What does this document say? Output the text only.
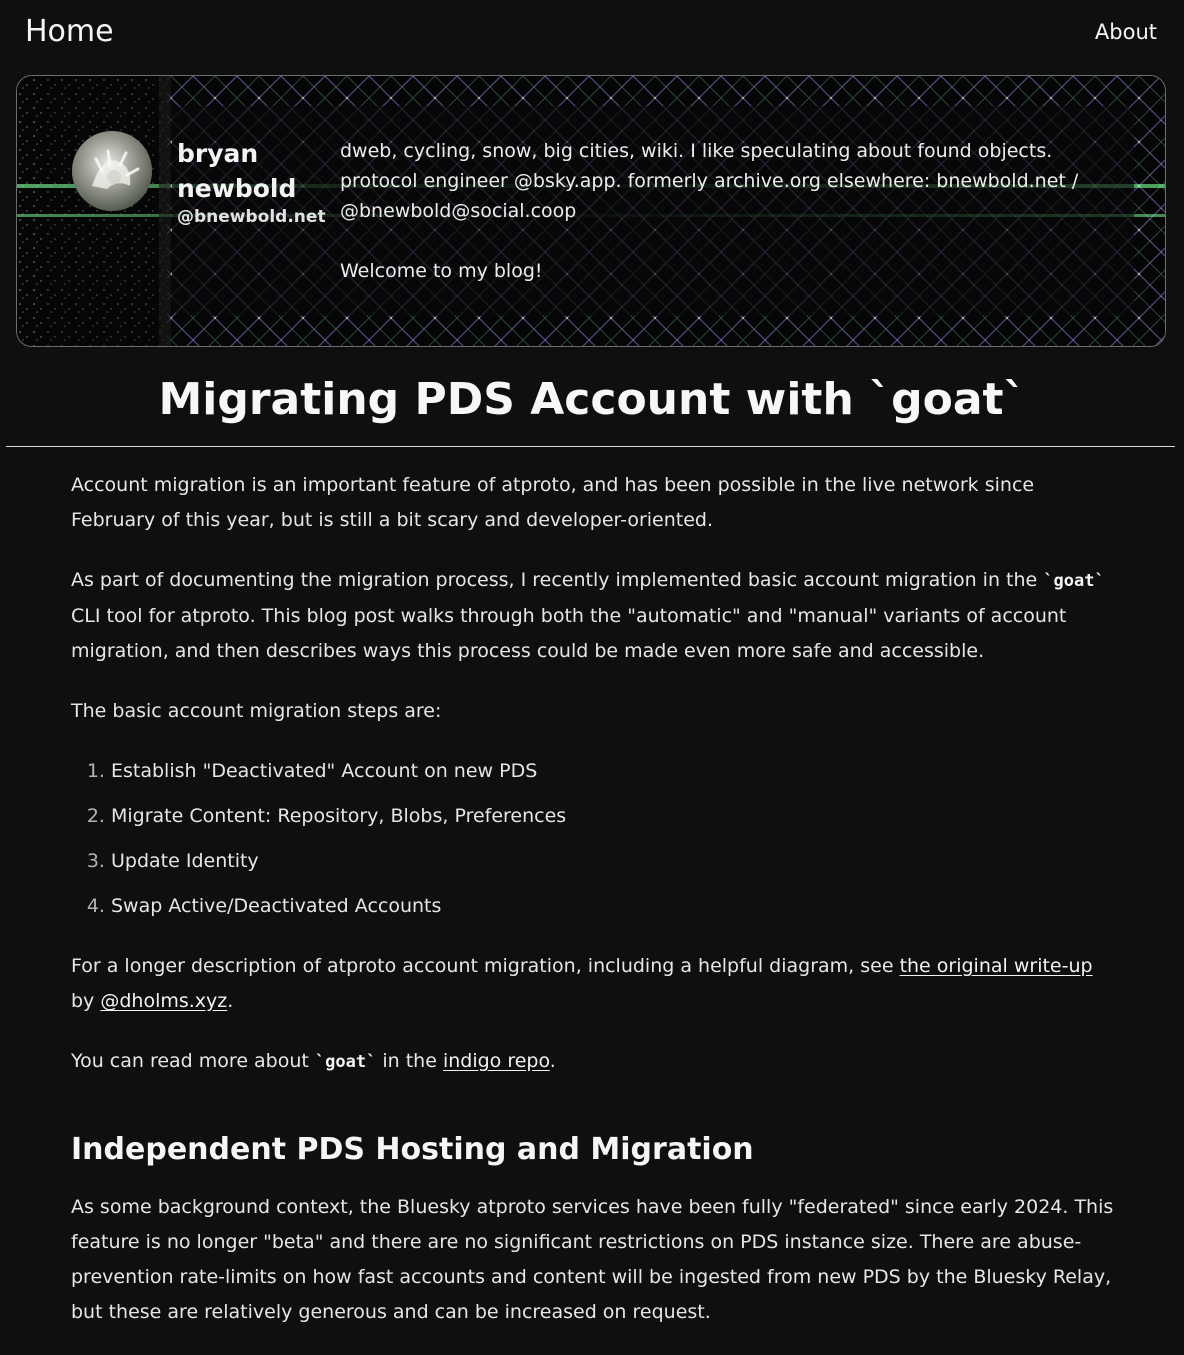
Home	About
bryan newbold
@bnewbold.net

dweb, cycling, snow, big cities, wiki. I like speculating about found objects.

protocol engineer @bsky.app. formerly archive.org elsewhere: bnewbold.net /

@bnewbold@social.coop

Welcome to my blog!

Migrating PDS Account with `goat`

Account migration is an important feature of atproto, and has been possible in the live network since February of this year, but is still a bit scary and developer-oriented.

As part of documenting the migration process, I recently implemented basic account migration in the `goat` CLI tool for atproto. This blog post walks through both the "automatic" and "manual" variants of account migration, and then describes ways this process could be made even more safe and accessible.

The basic account migration steps are:

1. Establish "Deactivated" Account on new PDS
2. Migrate Content: Repository, Blobs, Preferences
3. Update Identity
4. Swap Active/Deactivated Accounts

For a longer description of atproto account migration, including a helpful diagram, see the original write-up by @dholms.xyz.

You can read more about `goat` in the indigo repo.

Independent PDS Hosting and Migration

As some background context, the Bluesky atproto services have been fully "federated" since early 2024. This feature is no longer "beta" and there are no significant restrictions on PDS instance size. There are abuse-prevention rate-limits on how fast accounts and content will be ingested from new PDS by the Bluesky Relay, but these are relatively generous and can be increased on request.
